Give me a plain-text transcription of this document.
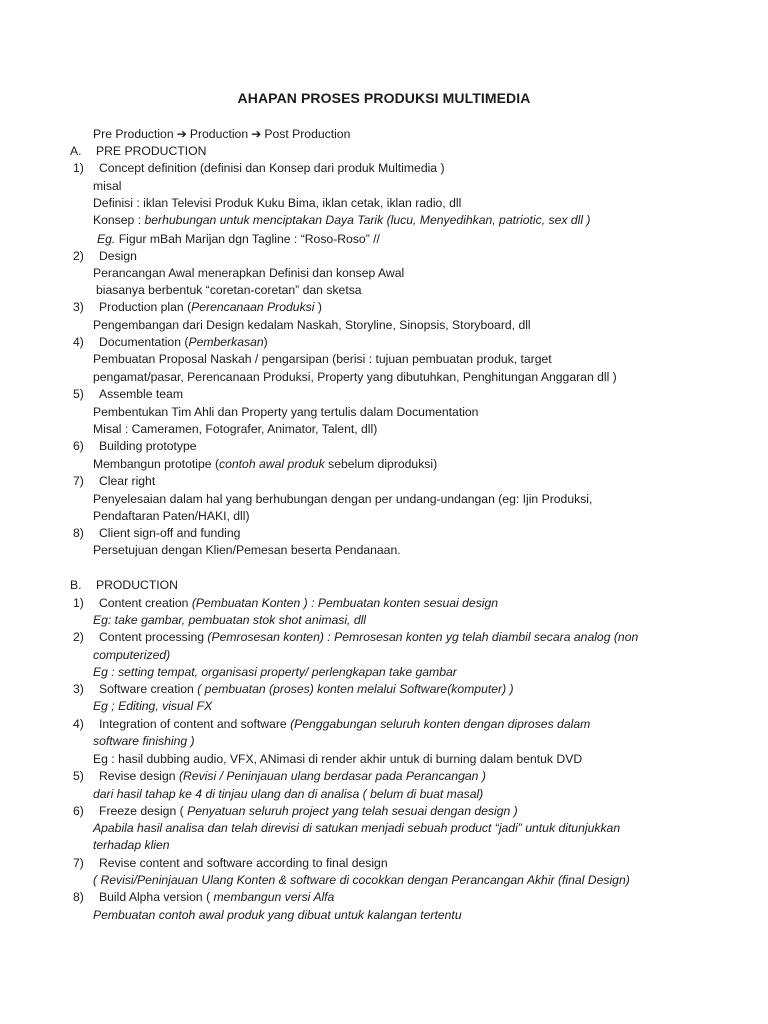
AHAPAN PROSES PRODUKSI MULTIMEDIA
Pre Production ➔ Production ➔ Post Production
A. PRE PRODUCTION
1) Concept definition (definisi dan Konsep dari produk Multimedia )
misal
Definisi : iklan Televisi Produk Kuku Bima, iklan cetak, iklan radio, dll
Konsep : berhubungan untuk menciptakan Daya Tarik (lucu, Menyedihkan, patriotic, sex dll )
Eg. Figur mBah Marijan dgn Tagline : “Roso-Roso” //
2) Design
Perancangan Awal menerapkan Definisi dan konsep Awal
biasanya berbentuk “coretan-coretan” dan sketsa
3) Production plan (Perencanaan Produksi )
Pengembangan dari Design kedalam Naskah, Storyline, Sinopsis, Storyboard, dll
4) Documentation (Pemberkasan)
Pembuatan Proposal Naskah / pengarsipan (berisi : tujuan pembuatan produk, target
pengamat/pasar, Perencanaan Produksi, Property yang dibutuhkan, Penghitungan Anggaran dll )
5) Assemble team
Pembentukan Tim Ahli dan Property yang tertulis dalam Documentation
Misal : Cameramen, Fotografer, Animator, Talent, dll)
6) Building prototype
Membangun prototipe (contoh awal produk sebelum diproduksi)
7) Clear right
Penyelesaian dalam hal yang berhubungan dengan per undang-undangan (eg: Ijin Produksi,
Pendaftaran Paten/HAKI, dll)
8) Client sign-off and funding
Persetujuan dengan Klien/Pemesan beserta Pendanaan.
B. PRODUCTION
1) Content creation (Pembuatan Konten ) : Pembuatan konten sesuai design
Eg: take gambar, pembuatan stok shot animasi, dll
2) Content processing (Pemrosesan konten) : Pemrosesan konten yg telah diambil secara analog (non
computerized)
Eg : setting tempat, organisasi property/ perlengkapan take gambar
3) Software creation ( pembuatan (proses) konten melalui Software(komputer) )
Eg ; Editing, visual FX
4) Integration of content and software (Penggabungan seluruh konten dengan diproses dalam
software finishing )
Eg : hasil dubbing audio, VFX, ANimasi di render akhir untuk di burning dalam bentuk DVD
5) Revise design (Revisi / Peninjauan ulang berdasar pada Perancangan )
dari hasil tahap ke 4 di tinjau ulang dan di analisa ( belum di buat masal)
6) Freeze design ( Penyatuan seluruh project yang telah sesuai dengan design )
Apabila hasil analisa dan telah direvisi di satukan menjadi sebuah product “jadi” untuk ditunjukkan
terhadap klien
7) Revise content and software according to final design
( Revisi/Peninjauan Ulang Konten & software di cocokkan dengan Perancangan Akhir (final Design)
8) Build Alpha version ( membangun versi Alfa
Pembuatan contoh awal produk yang dibuat untuk kalangan tertentu
